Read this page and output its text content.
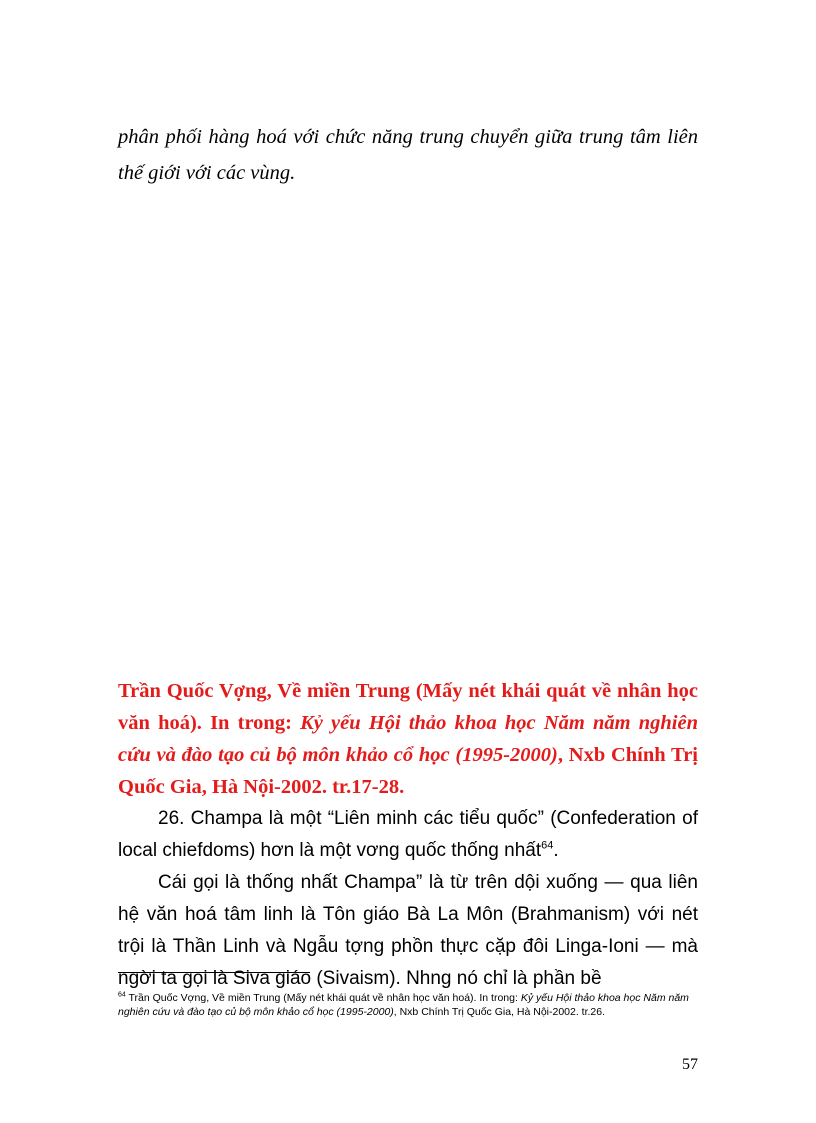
phân phối hàng hoá với chức năng trung chuyển giữa trung tâm liên thế giới với các vùng.

Trần Quốc Vợng, Về miền Trung (Mấy nét khái quát về nhân học văn hoá). In trong: Kỷ yếu Hội thảo khoa học Năm năm nghiên cứu và đào tạo củ bộ môn khảo cổ học (1995-2000), Nxb Chính Trị Quốc Gia, Hà Nội-2002. tr.17-28.

26. Champa là một “Liên minh các tiểu quốc” (Confederation of local chiefdoms) hơn là một vơng quốc thống nhất$^{64}$.

Cái gọi là thống nhất Champa” là từ trên dội xuống — qua liên hệ văn hoá tâm linh là Tôn giáo Bà La Môn (Brahmanism) với nét trội là Thần Linh và Ngẫu tợng phồn thực cặp đôi Linga-Ioni — mà ngời ta gọi là Siva giáo (Sivaism). Nhng nó chỉ là phần bề

$^{64}$ Trần Quốc Vợng, Về miền Trung (Mấy nét khái quát về nhân học văn hoá). In trong: Kỷ yếu Hội thảo khoa học Năm năm nghiên cứu và đào tạo củ bộ môn khảo cổ học (1995-2000), Nxb Chính Trị Quốc Gia, Hà Nội-2002. tr.26.

57
